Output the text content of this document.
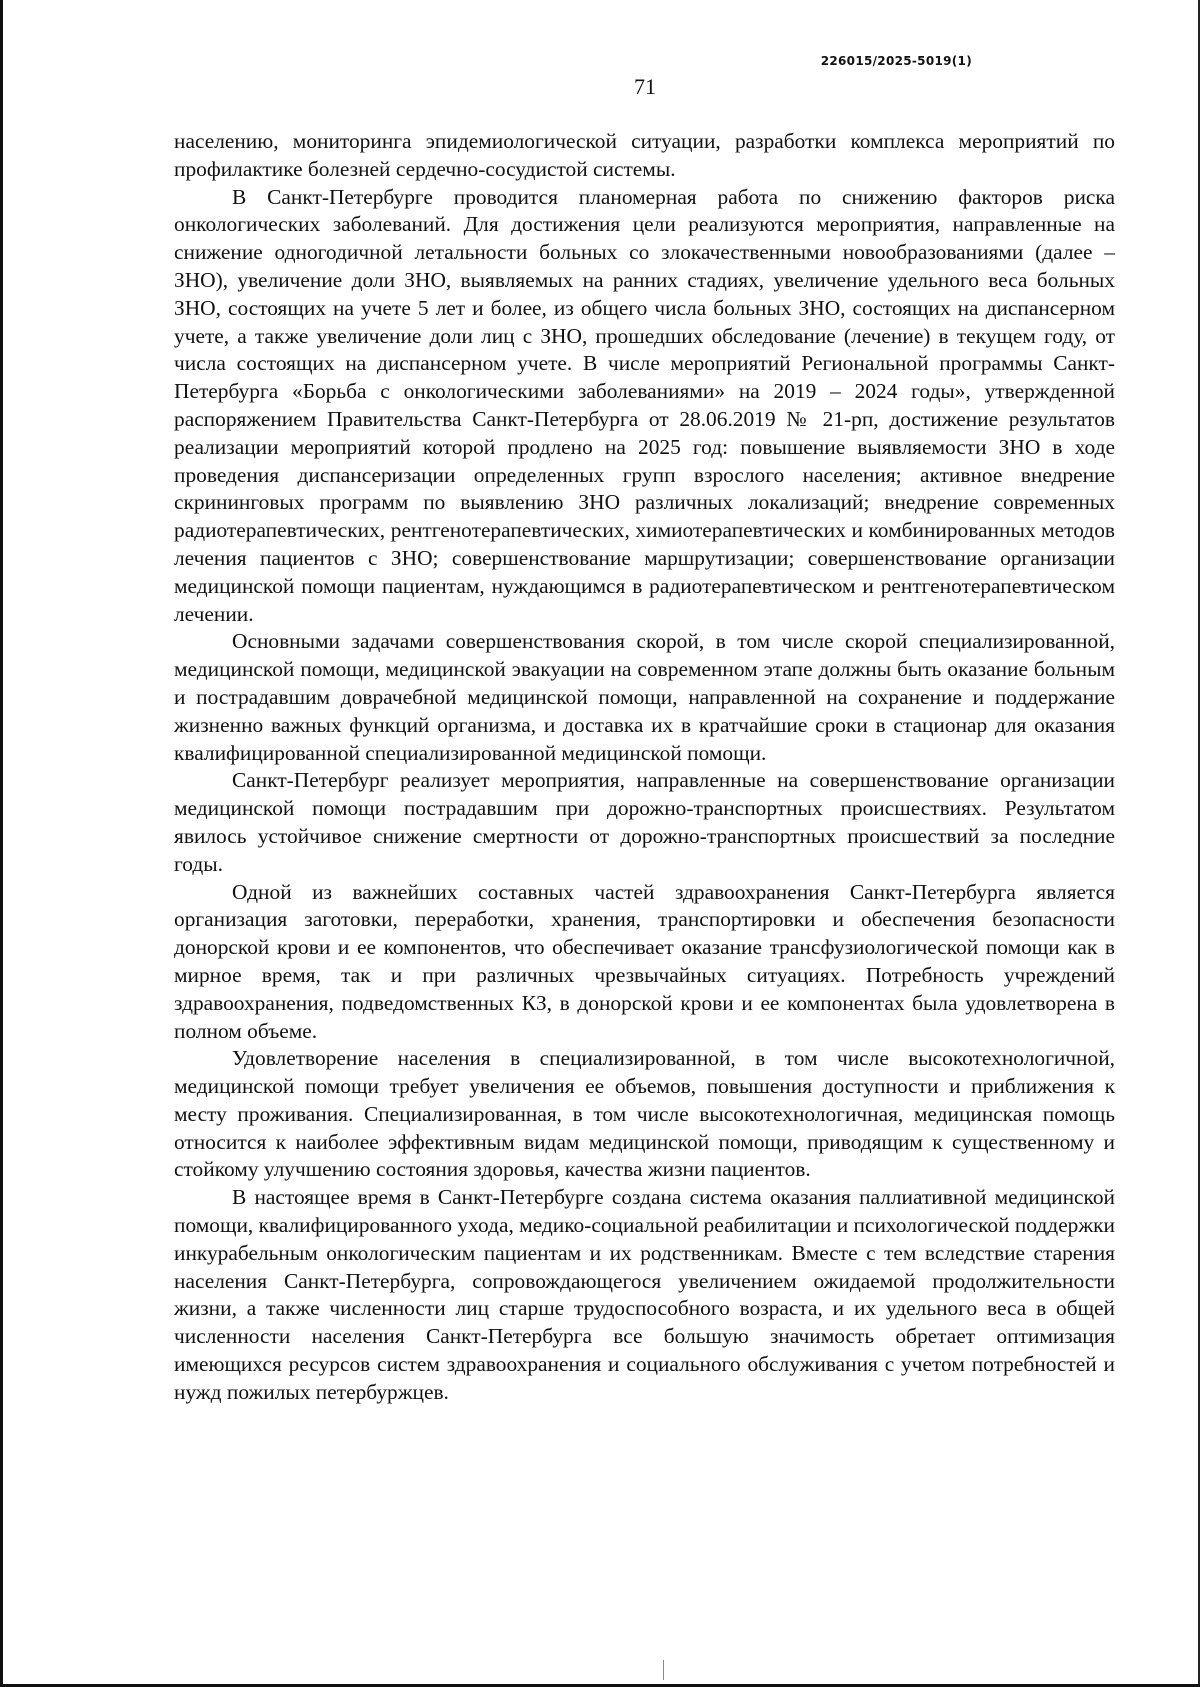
226015/2025-5019(1)
71

населению, мониторинга эпидемиологической ситуации, разработки комплекса мероприятий по профилактике болезней сердечно-сосудистой системы.

В Санкт-Петербурге проводится планомерная работа по снижению факторов риска онкологических заболеваний. Для достижения цели реализуются мероприятия, направленные на снижение одногодичной летальности больных со злокачественными новообразованиями (далее – ЗНО), увеличение доли ЗНО, выявляемых на ранних стадиях, увеличение удельного веса больных ЗНО, состоящих на учете 5 лет и более, из общего числа больных ЗНО, состоящих на диспансерном учете, а также увеличение доли лиц с ЗНО, прошедших обследование (лечение) в текущем году, от числа состоящих на диспансерном учете. В числе мероприятий Региональной программы Санкт-Петербурга «Борьба с онкологическими заболеваниями» на 2019 – 2024 годы», утвержденной распоряжением Правительства Санкт-Петербурга от 28.06.2019 № 21-рп, достижение результатов реализации мероприятий которой продлено на 2025 год: повышение выявляемости ЗНО в ходе проведения диспансеризации определенных групп взрослого населения; активное внедрение скрининговых программ по выявлению ЗНО различных локализаций; внедрение современных радиотерапевтических, рентгенотерапевтических, химиотерапевтических и комбинированных методов лечения пациентов с ЗНО; совершенствование маршрутизации; совершенствование организации медицинской помощи пациентам, нуждающимся в радиотерапевтическом и рентгенотерапевтическом лечении.

Основными задачами совершенствования скорой, в том числе скорой специализированной, медицинской помощи, медицинской эвакуации на современном этапе должны быть оказание больным и пострадавшим доврачебной медицинской помощи, направленной на сохранение и поддержание жизненно важных функций организма, и доставка их в кратчайшие сроки в стационар для оказания квалифицированной специализированной медицинской помощи.

Санкт-Петербург реализует мероприятия, направленные на совершенствование организации медицинской помощи пострадавшим при дорожно-транспортных происшествиях. Результатом явилось устойчивое снижение смертности от дорожно-транспортных происшествий за последние годы.

Одной из важнейших составных частей здравоохранения Санкт-Петербурга является организация заготовки, переработки, хранения, транспортировки и обеспечения безопасности донорской крови и ее компонентов, что обеспечивает оказание трансфузиологической помощи как в мирное время, так и при различных чрезвычайных ситуациях. Потребность учреждений здравоохранения, подведомственных КЗ, в донорской крови и ее компонентах была удовлетворена в полном объеме.

Удовлетворение населения в специализированной, в том числе высокотехнологичной, медицинской помощи требует увеличения ее объемов, повышения доступности и приближения к месту проживания. Специализированная, в том числе высокотехнологичная, медицинская помощь относится к наиболее эффективным видам медицинской помощи, приводящим к существенному и стойкому улучшению состояния здоровья, качества жизни пациентов.

В настоящее время в Санкт-Петербурге создана система оказания паллиативной медицинской помощи, квалифицированного ухода, медико-социальной реабилитации и психологической поддержки инкурабельным онкологическим пациентам и их родственникам. Вместе с тем вследствие старения населения Санкт-Петербурга, сопровождающегося увеличением ожидаемой продолжительности жизни, а также численности лиц старше трудоспособного возраста, и их удельного веса в общей численности населения Санкт-Петербурга все большую значимость обретает оптимизация имеющихся ресурсов систем здравоохранения и социального обслуживания с учетом потребностей и нужд пожилых петербуржцев.
